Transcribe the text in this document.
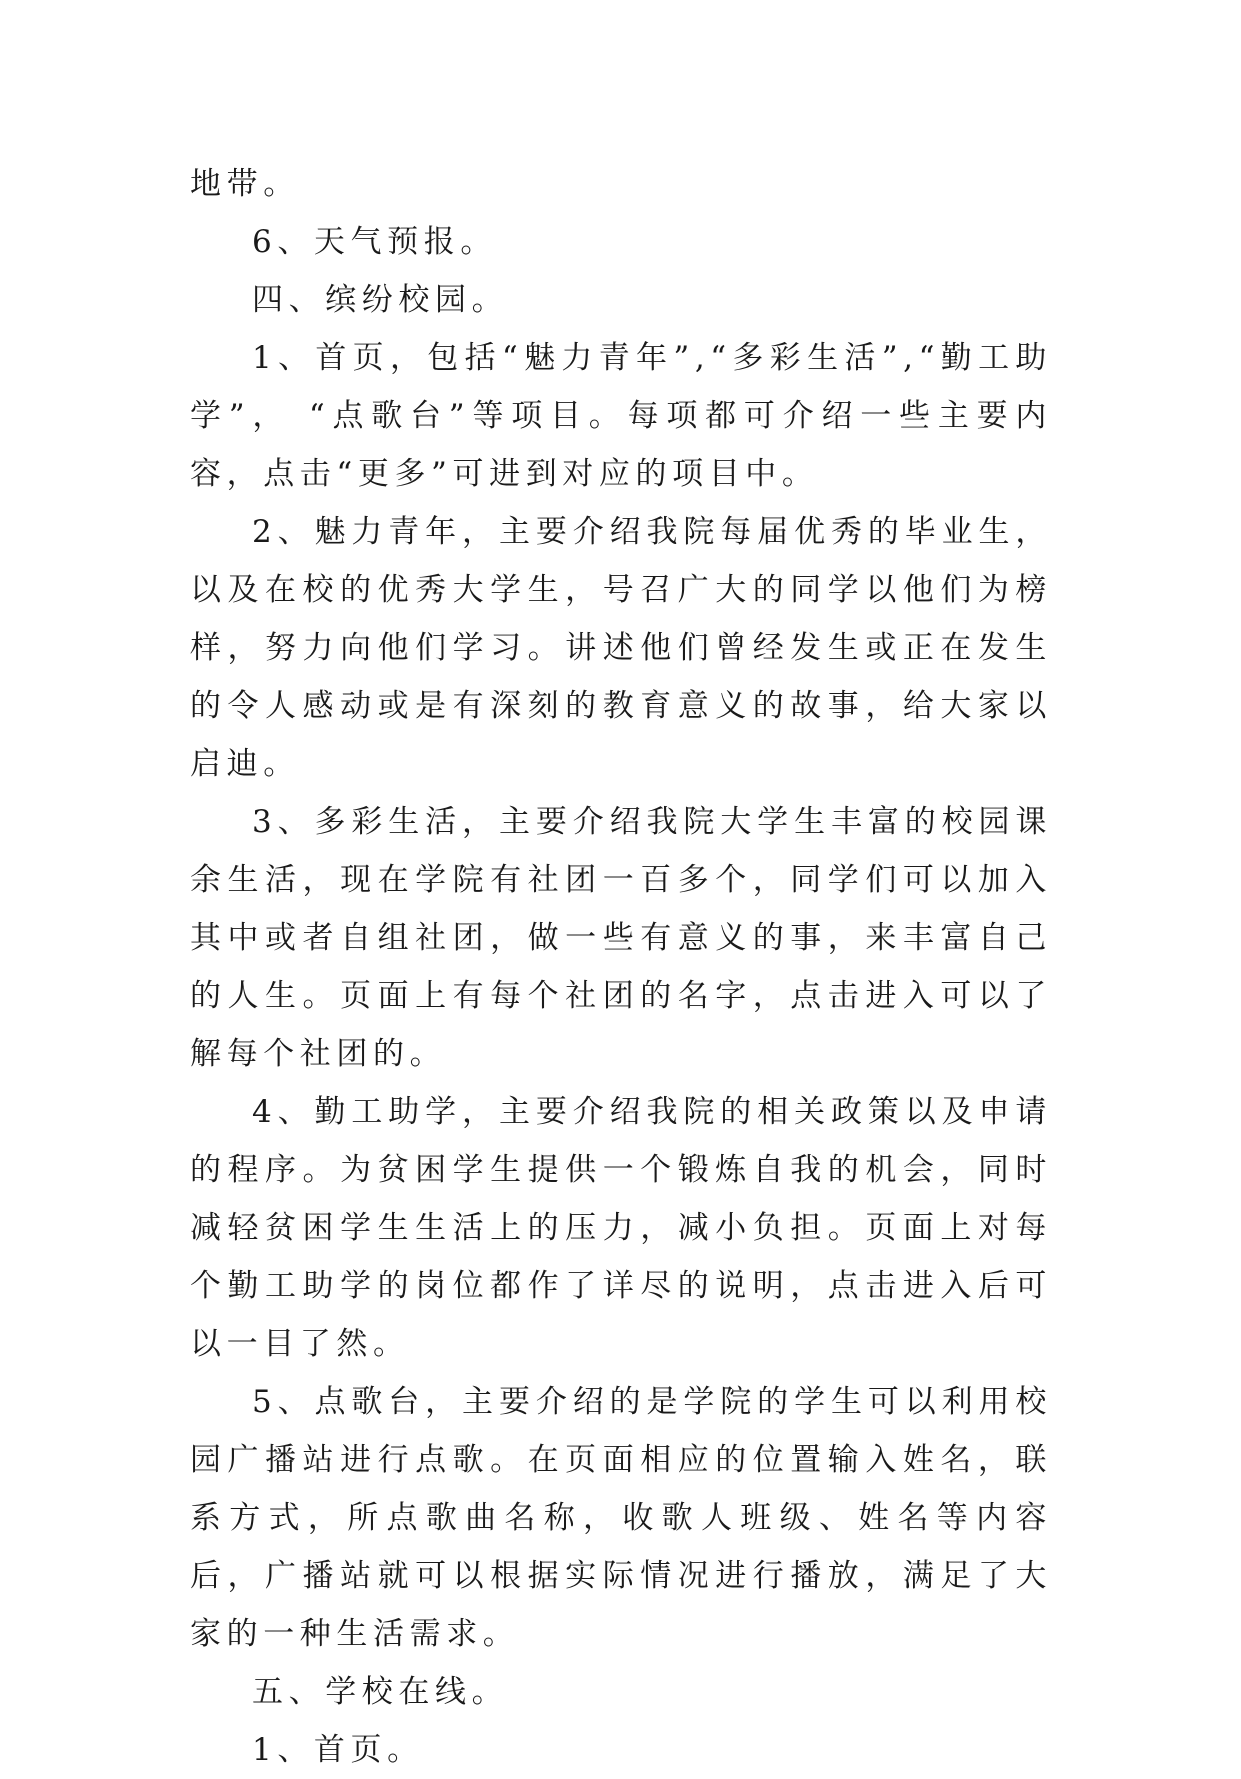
地带。

6、天气预报。

四、缤纷校园。

1、首页，包括“魅力青年”,“多彩生活”,“勤工助学”， “点歌台”等项目。每项都可介绍一些主要内容，点击“更多”可进到对应的项目中。

2、魅力青年，主要介绍我院每届优秀的毕业生，以及在校的优秀大学生，号召广大的同学以他们为榜样，努力向他们学习。讲述他们曾经发生或正在发生的令人感动或是有深刻的教育意义的故事，给大家以启迪。

3、多彩生活，主要介绍我院大学生丰富的校园课余生活，现在学院有社团一百多个，同学们可以加入其中或者自组社团，做一些有意义的事，来丰富自己的人生。页面上有每个社团的名字，点击进入可以了解每个社团的。

4、勤工助学，主要介绍我院的相关政策以及申请的程序。为贫困学生提供一个锻炼自我的机会，同时减轻贫困学生生活上的压力，减小负担。页面上对每个勤工助学的岗位都作了详尽的说明，点击进入后可以一目了然。

5、点歌台，主要介绍的是学院的学生可以利用校园广播站进行点歌。在页面相应的位置输入姓名，联系方式，所点歌曲名称，收歌人班级、姓名等内容后，广播站就可以根据实际情况进行播放，满足了大家的一种生活需求。

五、学校在线。

1、首页。
